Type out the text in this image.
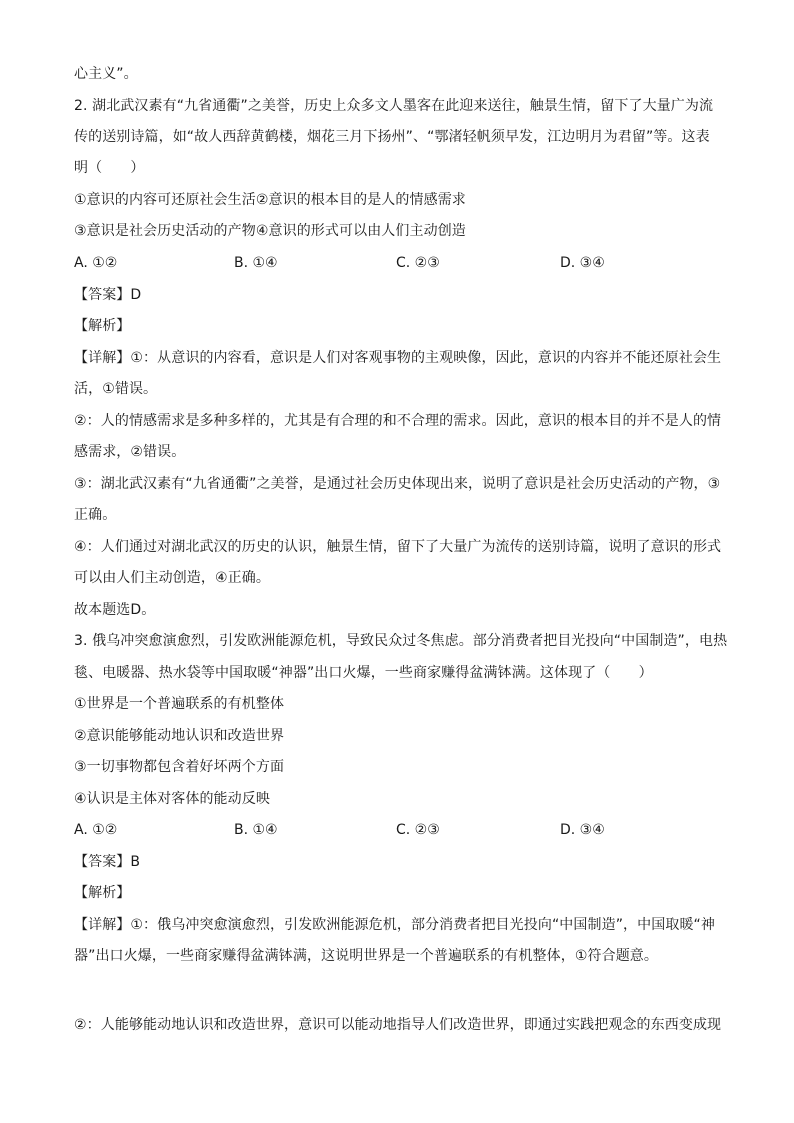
心主义”。
2. 湖北武汉素有“九省通衢”之美誉，历史上众多文人墨客在此迎来送往，触景生情，留下了大量广为流
传的送别诗篇，如“故人西辞黄鹤楼，烟花三月下扬州”、“鄂渚轻帆须早发，江边明月为君留”等。这表
明（　　）
①意识的内容可还原社会生活②意识的根本目的是人的情感需求
③意识是社会历史活动的产物④意识的形式可以由人们主动创造
A. ①②	B. ①④	C. ②③	D. ③④
【答案】D
【解析】
【详解】①：从意识的内容看，意识是人们对客观事物的主观映像，因此，意识的内容并不能还原社会生
活，①错误。
②：人的情感需求是多种多样的，尤其是有合理的和不合理的需求。因此，意识的根本目的并不是人的情
感需求，②错误。
③：湖北武汉素有“九省通衢”之美誉，是通过社会历史体现出来，说明了意识是社会历史活动的产物，③
正确。
④：人们通过对湖北武汉的历史的认识，触景生情，留下了大量广为流传的送别诗篇，说明了意识的形式
可以由人们主动创造，④正确。
故本题选D。
3. 俄乌冲突愈演愈烈，引发欧洲能源危机，导致民众过冬焦虑。部分消费者把目光投向“中国制造”，电热
毯、电暖器、热水袋等中国取暖“神器”出口火爆，一些商家赚得盆满钵满。这体现了（　　）
①世界是一个普遍联系的有机整体
②意识能够能动地认识和改造世界
③一切事物都包含着好坏两个方面
④认识是主体对客体的能动反映
A. ①②	B. ①④	C. ②③	D. ③④
【答案】B
【解析】
【详解】①：俄乌冲突愈演愈烈，引发欧洲能源危机，部分消费者把目光投向“中国制造”，中国取暖“神
器”出口火爆，一些商家赚得盆满钵满，这说明世界是一个普遍联系的有机整体，①符合题意。
②：人能够能动地认识和改造世界，意识可以能动地指导人们改造世界，即通过实践把观念的东西变成现
